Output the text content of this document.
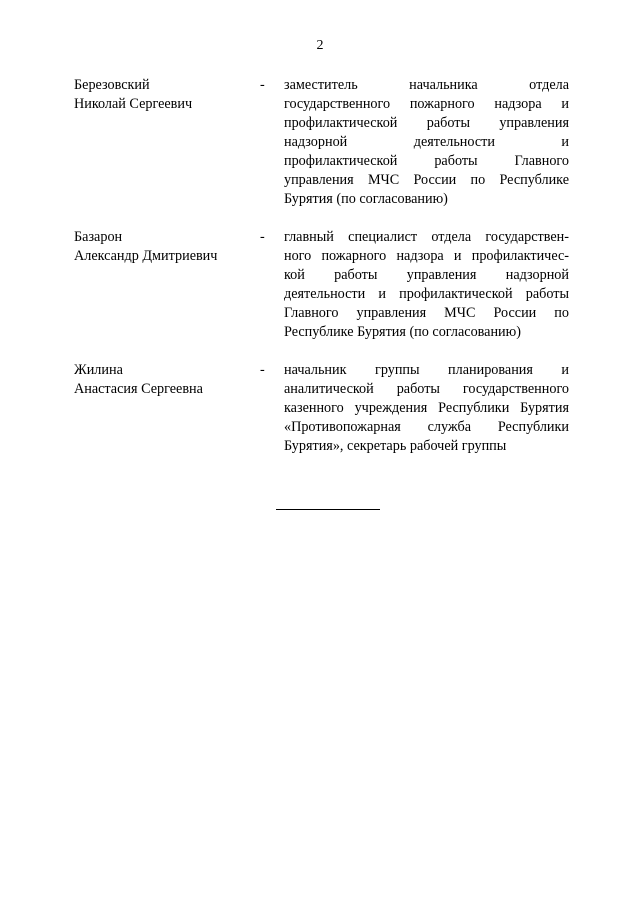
2
Березовский
Николай Сергеевич
-	заместитель начальника отдела
государственного пожарного надзора и
профилактической работы управления
надзорной деятельности и
профилактической работы Главного
управления МЧС России по Республике
Бурятия (по согласованию)
Базарон
Александр Дмитриевич
-	главный специалист отдела государствен-
ного пожарного надзора и профилактичес-
кой работы управления надзорной
деятельности и профилактической работы
Главного управления МЧС России по
Республике Бурятия (по согласованию)
Жилина
Анастасия Сергеевна
-	начальник группы планирования и
аналитической работы государственного
казенного учреждения Республики Бурятия
«Противопожарная служба Республики
Бурятия», секретарь рабочей группы
